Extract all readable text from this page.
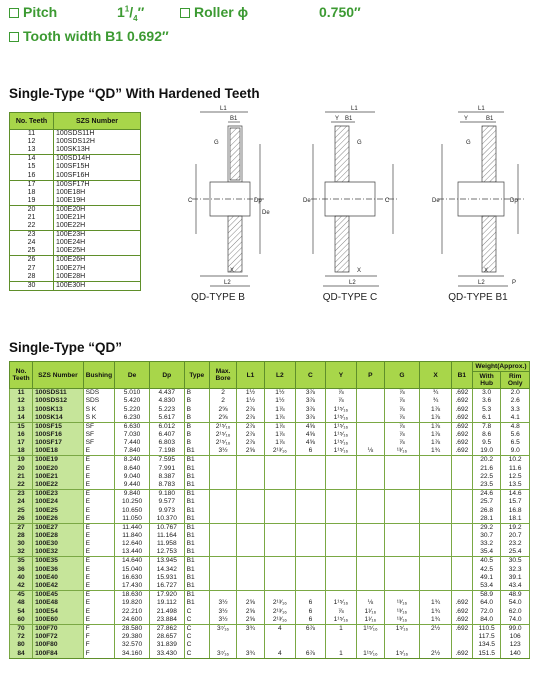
Pitch	$1^1/_4''$	Roller ϕ	0.750″
Tooth width B1 0.692″
Single-Type “QD” With Hardened Teeth
No. Teeth	SZS Number
11	100SDS11H
12	100SDS12H
13	100SK13H
14	100SD14H
15	100SF15H
16	100SF16H
17	100SF17H
18	100E18H
19	100E19H
20	100E20H
21	100E21H
22	100E22H
23	100E23H
24	100E24H
25	100E25H
26	100E26H
27	100E27H
28	100E28H
30	100E30H
L1
B1
G
C	Dp
De
L2
X
L1
Y B1
G
De	C
L2
X
L1
Y	B1
G
De	Dp
L2
X
P
QD-TYPE B	QD-TYPE C	QD-TYPE B1
Single-Type “QD”
No. Teeth	SZS Number	Bushing	De	Dp	Type	Max. Bore	L1	L2	C	Y	P	G	X	B1	Weight(Approx.)	
															With Hub	Rim Only
11	100SDS11	SDS	5.010	4.437	B	2	1½	1½	3⅞	⅞		⅞	¾	.692	3.0	2.0
12	100SDS12	SDS	5.420	4.830	B	2	1½	1½	3⅞	⅞		⅞	¾	.692	3.6	2.6
13	100SK13	S K	5.220	5.223	B	2⅝	2⅞	1⅞	3⅞	1¹⁵⁄₁₆		⅞	1⅞	.692	5.3	3.3
14	100SK14	S K	6.230	5.617	B	2⅝	2⅞	1⅞	3⅞	1¹⁵⁄₁₆		⅞	1⅞	.692	6.1	4.1
15	100SF15	SF	6.630	6.012	B	2¹⁵⁄₁₆	2⅞	1⅞	4⅝	1¹⁵⁄₁₆		⅞	1⅞	.692	7.8	4.8
16	100SF16	SF	7.030	6.407	B	2¹⁵⁄₁₆	2⅞	1⅞	4⅝	1¹⁵⁄₁₆		⅞	1⅞	.692	8.6	5.6
17	100SF17	SF	7.440	6.803	B	2¹⁵⁄₁₆	2⅞	1⅞	4⅝	1¹⁵⁄₁₆		⅞	1⅞	.692	9.5	6.5
18	100E18	E	7.840	7.198	B1	3½	2⅝	2¹³⁄₁₆	6	1¹⁵⁄₁₆	⅛	¹³⁄₁₆	1¾	.692	19.0	9.0
19	100E19	E	8.240	7.595	B1										20.2	10.2
20	100E20	E	8.640	7.991	B1										21.6	11.6
21	100E21	E	9.040	8.387	B1										22.5	12.5
22	100E22	E	9.440	8.783	B1										23.5	13.5
23	100E23	E	9.840	9.180	B1										24.6	14.6
24	100E24	E	10.250	9.577	B1										25.7	15.7
25	100E25	E	10.650	9.973	B1										26.8	16.8
26	100E26	E	11.050	10.370	B1										28.1	18.1
27	100E27	E	11.440	10.767	B1										29.2	19.2
28	100E28	E	11.840	11.164	B1										30.7	20.7
30	100E30	E	12.640	11.958	B1										33.2	23.2
32	100E32	E	13.440	12.753	B1										35.4	25.4
35	100E35	E	14.640	13.945	B1										40.5	30.5
36	100E36	E	15.040	14.342	B1										42.5	32.3
40	100E40	E	16.630	15.931	B1										49.1	39.1
42	100E42	E	17.430	16.727	B1										53.4	43.4
45	100E45	E	18.630	17.920	B1										58.9	48.9
48	100E48	E	19.820	19.112	B1	3½	2⅝	2¹³⁄₁₆	6	1¹⁵⁄₁₆	⅛	¹³⁄₁₆	1¾	.692	64.0	54.0
54	100E54	E	22.210	21.498	C	3½	2⅝	2¹³⁄₁₆	6	⅞	1¹⁄₁₆	¹³⁄₁₆	1¾	.692	72.0	62.0
60	100E60	E	24.600	23.884	C	3½	2⅝	2¹³⁄₁₆	6	1¹⁵⁄₁₆	1¹⁄₁₆	¹³⁄₁₆	1¾	.692	84.0	74.0
70	100F70	F	28.580	27.862	C	3⁷⁄₁₆	3¾	4	6⅞	1	1¹⁵⁄₁₆	1⁵⁄₁₆	2½	.692	110.5	99.0
72	100F72	F	29.380	28.657	C										117.5	106
80	100F80	F	32.570	31.839	C										134.5	123
84	100F84	F	34.160	33.430	C	3⁷⁄₁₆	3¾	4	6⅞	1	1¹⁵⁄₁₆	1⁵⁄₁₆	2½	.692	151.5	140
